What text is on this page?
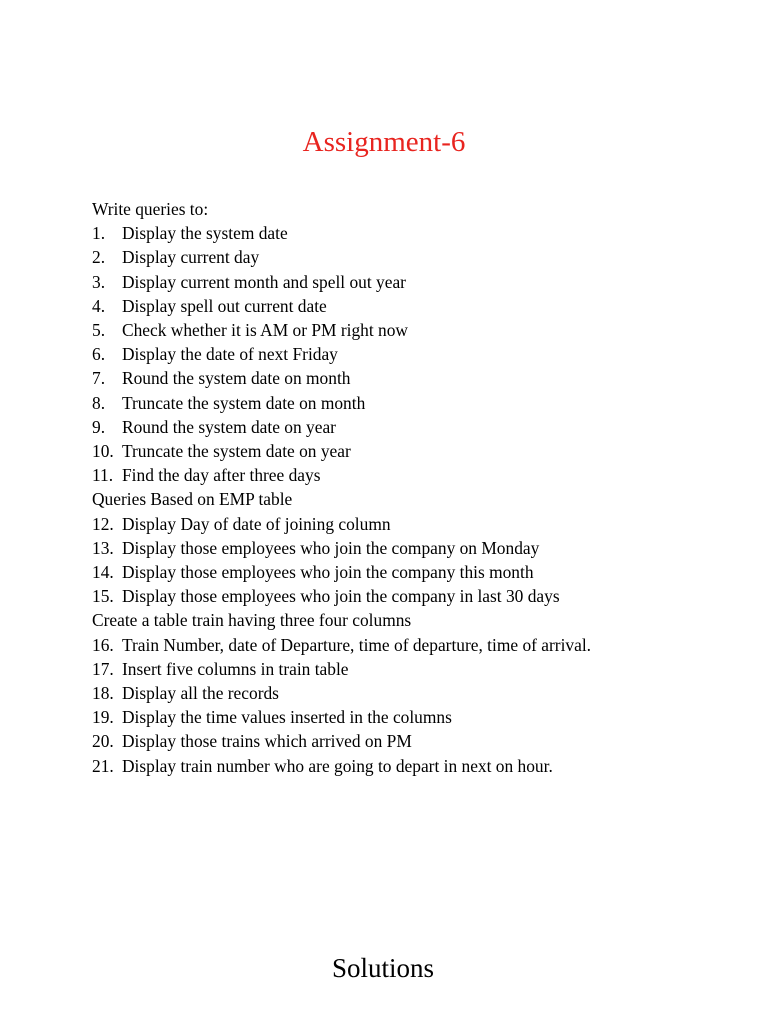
Assignment-6
Write queries to:
1. Display the system date
2. Display current day
3. Display current month and spell out year
4. Display spell out current date
5. Check whether it is AM or PM right now
6. Display the date of next Friday
7. Round the system date on month
8. Truncate the system date on month
9. Round the system date on year
10. Truncate the system date on year
11. Find the day after three days
Queries Based on EMP table
12. Display Day of date of joining column
13. Display those employees who join the company on Monday
14. Display those employees who join the company this month
15. Display those employees who join the company in last 30 days
Create a table train having three four columns
16. Train Number, date of Departure, time of departure, time of arrival.
17. Insert five columns in train table
18. Display all the records
19. Display the time values inserted in the columns
20. Display those trains which arrived on PM
21. Display train number who are going to depart in next on hour.
Solutions
